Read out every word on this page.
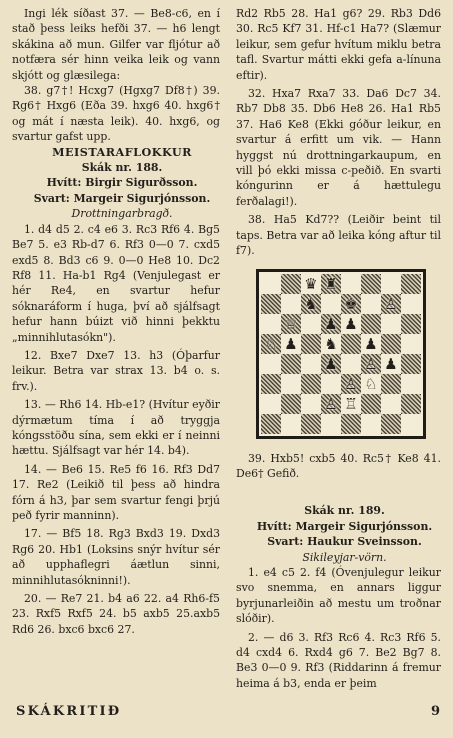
Ingi lék síðast 37. — Be8-c6, en í stað þess leiks hefði 37. — h6 lengt skákina að mun. Gilfer var fljótur að notfæra sér hinn veika leik og vann skjótt og glæsilega:

38. g7†! Hcxg7 (Hgxg7 Df8†) 39. Rg6† Hxg6 (Eða 39. hxg6 40. hxg6† og mát í næsta leik). 40. hxg6, og svartur gafst upp.

MEISTARAFLOKKUR

Skák nr. 188.

Hvítt: Birgir Sigurðsson.

Svart: Margeir Sigurjónsson.

Drottningarbragð.

1. d4 d5 2. c4 e6 3. Rc3 Rf6 4. Bg5 Be7 5. e3 Rb-d7 6. Rf3 0—0 7. cxd5 exd5 8. Bd3 c6 9. 0—0 He8 10. Dc2 Rf8 11. Ha-b1 Rg4 (Venjulegast er hér Re4, en svartur hefur sóknaráform í huga, því að sjálfsagt hefur hann búizt við hinni þekktu „minnihlutasókn").

12. Bxe7 Dxe7 13. h3 (Óþarfur leikur. Betra var strax 13. b4 o. s. frv.).

13. — Rh6 14. Hb-e1? (Hvítur eyðir dýrmætum tíma í að tryggja kóngsstöðu sína, sem ekki er í neinni hættu. Sjálfsagt var hér 14. b4).

14. — Be6 15. Re5 f6 16. Rf3 Dd7 17. Re2 (Leikið til þess að hindra fórn á h3, þar sem svartur fengi þrjú peð fyrir manninn).

17. — Bf5 18. Rg3 Bxd3 19. Dxd3 Rg6 20. Hb1 (Loksins snýr hvítur sér að upphaflegri áætlun sinni, minnihlutasókninni!).

20. — Re7 21. b4 a6 22. a4 Rh6-f5 23. Rxf5 Rxf5 24. b5 axb5 25.axb5 Rd6 26. bxc6 bxc6 27.

Rd2 Rb5 28. Ha1 g6? 29. Rb3 Dd6 30. Rc5 Kf7 31. Hf-c1 Ha7? (Slæmur leikur, sem gefur hvítum miklu betra tafl. Svartur mátti ekki gefa a-línuna eftir).

32. Hxa7 Rxa7 33. Da6 Dc7 34. Rb7 Db8 35. Db6 He8 26. Ha1 Rb5 37. Ha6 Ke8 (Ekki góður leikur, en svartur á erfitt um vik. — Hann hyggst nú drottningarkaupum, en vill þó ekki missa c-peðið. En svarti kóngurinn er á hættulegu ferðalagi!).

38. Ha5 Kd7?? (Leiðir beint til taps. Betra var að leika kóng aftur til f7).

♛ ♜
♞ ♚ ♙
♕ ♟ ♟
♘ ♟ ♞ ♟
♟ ♙ ♟
♙ ♘
♙ ♖

39. Hxb5! cxb5 40. Rc5† Ke8 41. De6† Gefið.

Skák nr. 189.

Hvítt: Margeir Sigurjónsson.

Svart: Haukur Sveinsson.

Sikileyjar-vörn.

1. e4 c5 2. f4 (Óvenjulegur leikur svo snemma, en annars liggur byrjunarleiðin að mestu um troðnar slóðir).

2. — d6 3. Rf3 Rc6 4. Rc3 Rf6 5. d4 cxd4 6. Rxd4 g6 7. Be2 Bg7 8. Be3 0—0 9. Rf3 (Riddarinn á fremur heima á b3, enda er þeim

SKÁKRITIÐ	9
